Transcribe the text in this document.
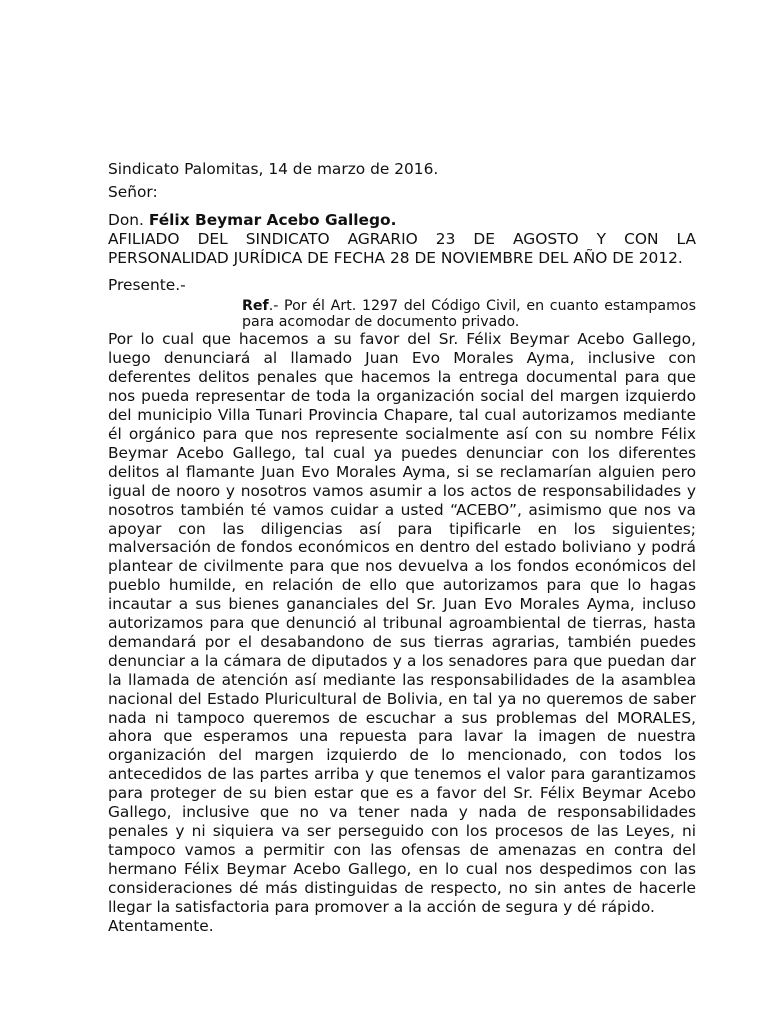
Sindicato Palomitas, 14 de marzo de 2016.
Señor:
Don. Félix Beymar Acebo Gallego.
AFILIADO DEL SINDICATO AGRARIO 23 DE AGOSTO Y CON LA
PERSONALIDAD JURÍDICA DE FECHA 28 DE NOVIEMBRE DEL AÑO DE 2012.
Presente.-
Ref.- Por él Art. 1297 del Código Civil, en cuanto estampamos para acomodar de documento privado.
Por lo cual que hacemos a su favor del Sr. Félix Beymar Acebo Gallego, luego denunciará al llamado Juan Evo Morales Ayma, inclusive con deferentes delitos penales que hacemos la entrega documental para que nos pueda representar de toda la organización social del margen izquierdo del municipio Villa Tunari Provincia Chapare, tal cual autorizamos mediante él orgánico para que nos represente socialmente así con su nombre Félix Beymar Acebo Gallego, tal cual ya puedes denunciar con los diferentes delitos al flamante Juan Evo Morales Ayma, si se reclamarían alguien pero igual de nooro y nosotros vamos asumir a los actos de responsabilidades y nosotros también té vamos cuidar a usted “ACEBO”, asimismo que nos va apoyar con las diligencias así para tipificarle en los siguientes; malversación de fondos económicos en dentro del estado boliviano y podrá plantear de civilmente para que nos devuelva a los fondos económicos del pueblo humilde, en relación de ello que autorizamos para que lo hagas incautar a sus bienes gananciales del Sr. Juan Evo Morales Ayma, incluso autorizamos para que denunció al tribunal agroambiental de tierras, hasta demandará por el desabandono de sus tierras agrarias, también puedes denunciar a la cámara de diputados y a los senadores para que puedan dar la llamada de atención así mediante las responsabilidades de la asamblea nacional del Estado Pluricultural de Bolivia, en tal ya no queremos de saber nada ni tampoco queremos de escuchar a sus problemas del MORALES, ahora que esperamos una repuesta para lavar la imagen de nuestra organización del margen izquierdo de lo mencionado, con todos los antecedidos de las partes arriba y que tenemos el valor para garantizamos para proteger de su bien estar que es a favor del Sr. Félix Beymar Acebo Gallego, inclusive que no va tener nada y nada de responsabilidades penales y ni siquiera va ser perseguido con los procesos de las Leyes, ni tampoco vamos a permitir con las ofensas de amenazas en contra del hermano Félix Beymar Acebo Gallego, en lo cual nos despedimos con las consideraciones dé más distinguidas de respecto, no sin antes de hacerle llegar la satisfactoria para promover a la acción de segura y dé rápido.
Atentamente.
